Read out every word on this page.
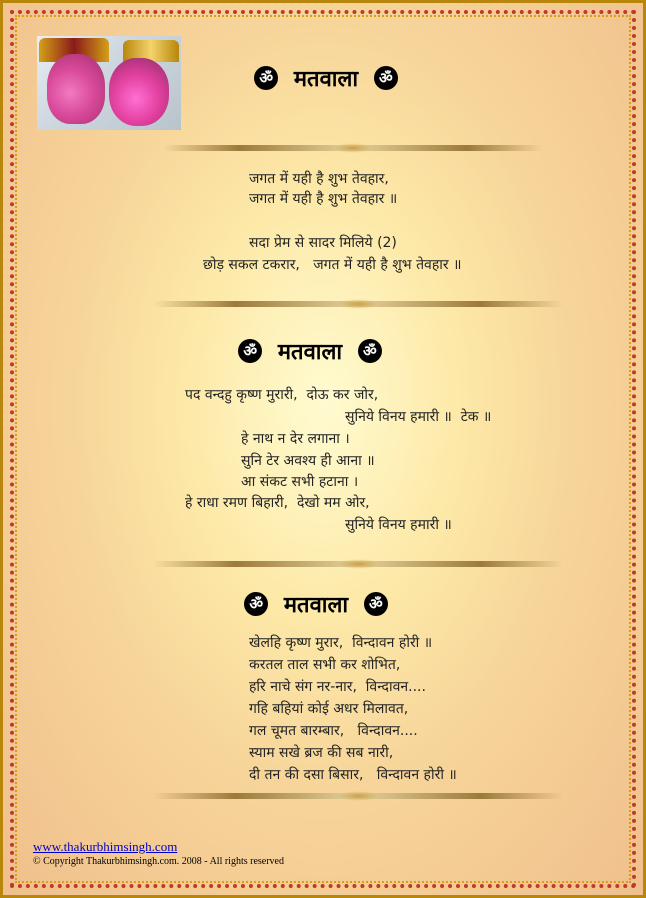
ॐ मतवाला ॐ
जगत में यही है शुभ तेवहार,
जगत में यही है शुभ तेवहार ॥
सदा प्रेम से सादर मिलिये (2)
छोड़ सकल टकरार,   जगत में यही है शुभ तेवहार ॥
ॐ मतवाला ॐ
पद वन्दहु कृष्ण मुरारी,  दोऊ कर जोर,
सुनिये विनय हमारी ॥  टेक ॥
हे नाथ न देर लगाना ।
सुनि टेर अवश्य ही आना ॥
आ संकट सभी हटाना ।
हे राधा रमण बिहारी,  देखो मम ओर,
सुनिये विनय हमारी ॥
ॐ मतवाला ॐ
खेलहि कृष्ण मुरार,  विन्दावन होरी ॥
करतल ताल सभी कर शोभित,
हरि नाचे संग नर-नार,  विन्दावन....
गहि बहियां कोई अधर मिलावत,
गल चूमत बारम्बार,   विन्दावन....
स्याम सखे ब्रज की सब नारी,
दी तन की दसा बिसार,   विन्दावन होरी ॥
www.thakurbhimsingh.com
© Copyright Thakurbhimsingh.com. 2008 - All rights reserved
